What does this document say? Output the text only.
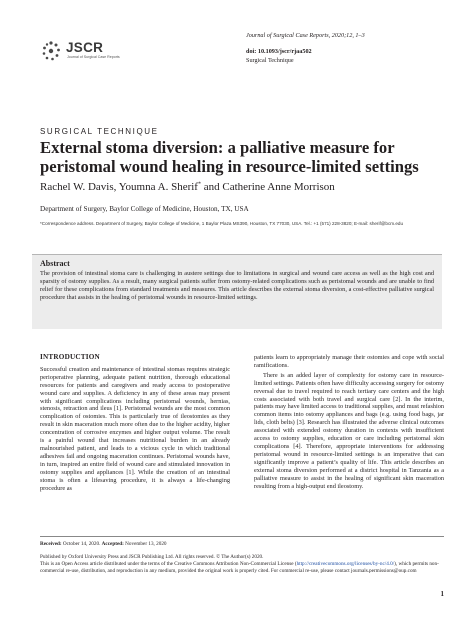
JSCR
Journal of Surgical Case Reports
Journal of Surgical Case Reports, 2020;12, 1–3
doi: 10.1093/jscr/rjaa502
Surgical Technique
SURGICAL TECHNIQUE
External stoma diversion: a palliative measure for peristomal wound healing in resource-limited settings
Rachel W. Davis, Youmna A. Sherif* and Catherine Anne Morrison
Department of Surgery, Baylor College of Medicine, Houston, TX, USA
*Correspondence address. Department of Surgery, Baylor College of Medicine, 1 Baylor Plaza MS390, Houston, TX 77030, USA. Tel.: +1 (571) 228-3820; E-mail: sherif@bcm.edu
Abstract
The provision of intestinal stoma care is challenging in austere settings due to limitations in surgical and wound care access as well as the high cost and sparsity of ostomy supplies. As a result, many surgical patients suffer from ostomy-related complications such as peristomal wounds and are unable to find relief for these complications from standard treatments and measures. This article describes the external stoma diversion, a cost-effective palliative surgical procedure that assists in the healing of peristomal wounds in resource-limited settings.
INTRODUCTION

Successful creation and maintenance of intestinal stomas requires strategic perioperative planning, adequate patient nutrition, thorough educational resources for patients and caregivers and ready access to postoperative wound care and supplies. A deficiency in any of these areas may present with significant complications including peristomal wounds, hernias, stenosis, retraction and ileus [1]. Peristomal wounds are the most common complication of ostomies. This is particularly true of ileostomies as they result in skin maceration much more often due to the higher acidity, higher concentration of corrosive enzymes and higher output volume. The result is a painful wound that increases nutritional burden in an already malnourished patient, and leads to a vicious cycle in which traditional adhesives fail and ongoing maceration continues. Peristomal wounds have, in turn, inspired an entire field of wound care and stimulated innovation in ostomy supplies and appliances [1]. While the creation of an intestinal stoma is often a lifesaving procedure, it is always a life-changing procedure as

patients learn to appropriately manage their ostomies and cope with social ramifications.

There is an added layer of complexity for ostomy care in resource-limited settings. Patients often have difficulty accessing surgery for ostomy reversal due to travel required to reach tertiary care centers and the high costs associated with both travel and surgical care [2]. In the interim, patients may have limited access to traditional supplies, and must refashion common items into ostomy appliances and bags (e.g. using food bags, jar lids, cloth belts) [3]. Research has illustrated the adverse clinical outcomes associated with extended ostomy duration in contexts with insufficient access to ostomy supplies, education or care including peristomal skin complications [4]. Therefore, appropriate interventions for addressing peristomal wound in resource-limited settings is an imperative that can significantly improve a patient’s quality of life. This article describes an external stoma diversion performed at a district hospital in Tanzania as a palliative measure to assist in the healing of significant skin maceration resulting from a high-output end ileostomy.

Received: October 14, 2020. Accepted: November 13, 2020
Published by Oxford University Press and JSCR Publishing Ltd. All rights reserved. © The Author(s) 2020.
This is an Open Access article distributed under the terms of the Creative Commons Attribution Non-Commercial License (http://creativecommons.org/licenses/by-nc/4.0/), which permits non-commercial re-use, distribution, and reproduction in any medium, provided the original work is properly cited. For commercial re-use, please contact journals.permissions@oup.com
1
